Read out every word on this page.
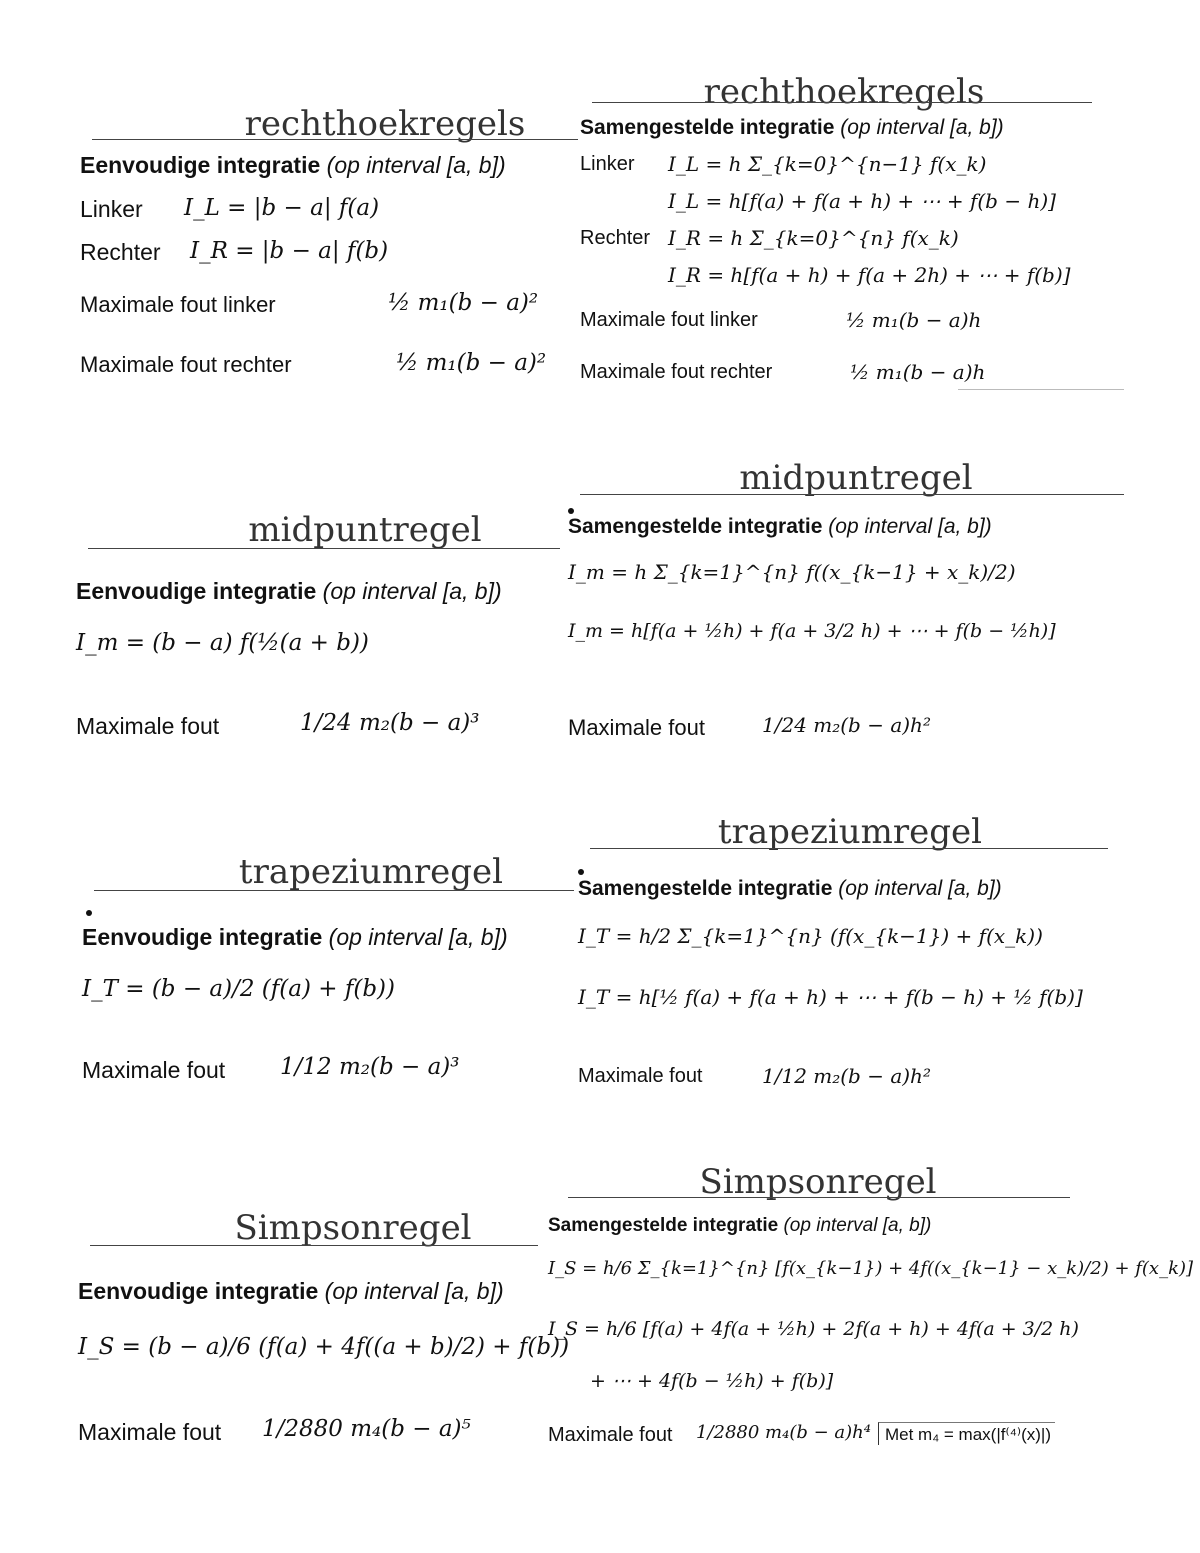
rechthoekregels
Eenvoudige integratie (op interval [a, b])
Linker I_L = |b − a| f(a)
Rechter I_R = |b − a| f(b)
Maximale fout linker	½ m₁(b − a)²
Maximale fout rechter	½ m₁(b − a)²
midpuntregel
Eenvoudige integratie (op interval [a, b])
I_m = (b − a) f(½(a + b))
Maximale fout	1/24 m₂(b − a)³
trapeziumregel
Eenvoudige integratie (op interval [a, b])
I_T = (b − a)/2 (f(a) + f(b))
Maximale fout 1/12 m₂(b − a)³
Simpsonregel
Eenvoudige integratie (op interval [a, b])
I_S = (b − a)/6 (f(a) + 4f((a + b)/2) + f(b))
Maximale fout 1/2880 m₄(b − a)⁵
rechthoekregels
Samengestelde integratie (op interval [a, b])
Linker I_L = h Σ_{k=0}^{n−1} f(x_k)
I_L = h[f(a) + f(a + h) + ⋯ + f(b − h)]
Rechter I_R = h Σ_{k=0}^{n} f(x_k)
I_R = h[f(a + h) + f(a + 2h) + ⋯ + f(b)]
Maximale fout linker	½ m₁(b − a)h
Maximale fout rechter	½ m₁(b − a)h
midpuntregel
Samengestelde integratie (op interval [a, b])
I_m = h Σ_{k=1}^{n} f((x_{k−1} + x_k)/2)
I_m = h[f(a + ½h) + f(a + 3/2 h) + ⋯ + f(b − ½h)]
Maximale fout	1/24 m₂(b − a)h²
trapeziumregel
Samengestelde integratie (op interval [a, b])
I_T = h/2 Σ_{k=1}^{n} (f(x_{k−1}) + f(x_k))
I_T = h[½ f(a) + f(a + h) + ⋯ + f(b − h) + ½ f(b)]
Maximale fout	1/12 m₂(b − a)h²
Simpsonregel
Samengestelde integratie (op interval [a, b])
I_S = h/6 Σ_{k=1}^{n} [f(x_{k−1}) + 4f((x_{k−1} − x_k)/2) + f(x_k)]
I_S = h/6 [f(a) + 4f(a + ½h) + 2f(a + h) + 4f(a + 3/2 h)
+ ⋯ + 4f(b − ½h) + f(b)]
Maximale fout 1/2880 m₄(b − a)h⁴ Met m₄ = max(|f⁽⁴⁾(x)|)
